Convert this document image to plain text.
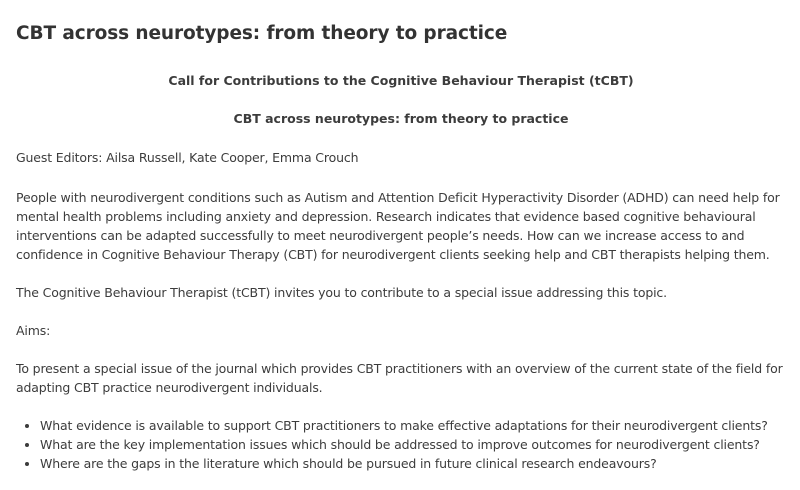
CBT across neurotypes: from theory to practice

Call for Contributions to the Cognitive Behaviour Therapist (tCBT)

CBT across neurotypes: from theory to practice

Guest Editors: Ailsa Russell, Kate Cooper, Emma Crouch

People with neurodivergent conditions such as Autism and Attention Deficit Hyperactivity Disorder (ADHD) can need help for mental health problems including anxiety and depression. Research indicates that evidence based cognitive behavioural interventions can be adapted successfully to meet neurodivergent people’s needs. How can we increase access to and confidence in Cognitive Behaviour Therapy (CBT) for neurodivergent clients seeking help and CBT therapists helping them.

The Cognitive Behaviour Therapist (tCBT) invites you to contribute to a special issue addressing this topic.

Aims:

To present a special issue of the journal which provides CBT practitioners with an overview of the current state of the field for adapting CBT practice neurodivergent individuals.

• What evidence is available to support CBT practitioners to make effective adaptations for their neurodivergent clients?
• What are the key implementation issues which should be addressed to improve outcomes for neurodivergent clients?
• Where are the gaps in the literature which should be pursued in future clinical research endeavours?
